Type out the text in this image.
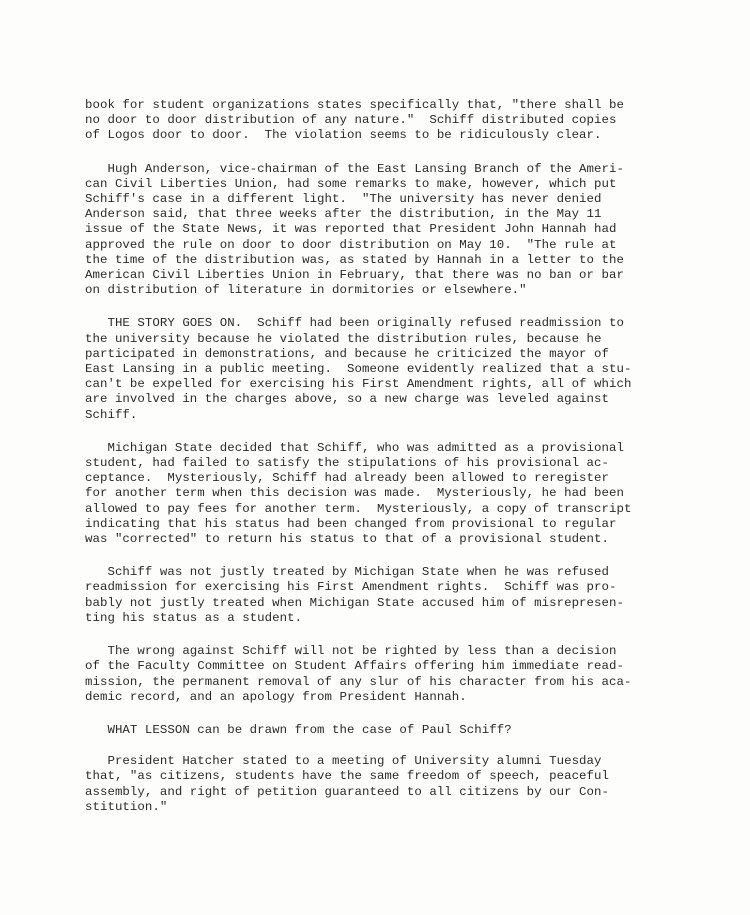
book for student organizations states specifically that, "there shall be
no door to door distribution of any nature."  Schiff distributed copies
of Logos door to door.  The violation seems to be ridiculously clear.
Hugh Anderson, vice-chairman of the East Lansing Branch of the Ameri-
can Civil Liberties Union, had some remarks to make, however, which put
Schiff's case in a different light.  "The university has never denied
Anderson said, that three weeks after the distribution, in the May 11
issue of the State News, it was reported that President John Hannah had
approved the rule on door to door distribution on May 10.  "The rule at
the time of the distribution was, as stated by Hannah in a letter to the
American Civil Liberties Union in February, that there was no ban or bar
on distribution of literature in dormitories or elsewhere."
THE STORY GOES ON.  Schiff had been originally refused readmission to
the university because he violated the distribution rules, because he
participated in demonstrations, and because he criticized the mayor of
East Lansing in a public meeting.  Someone evidently realized that a stu-
can't be expelled for exercising his First Amendment rights, all of which
are involved in the charges above, so a new charge was leveled against
Schiff.
Michigan State decided that Schiff, who was admitted as a provisional
student, had failed to satisfy the stipulations of his provisional ac-
ceptance.  Mysteriously, Schiff had already been allowed to reregister
for another term when this decision was made.  Mysteriously, he had been
allowed to pay fees for another term.  Mysteriously, a copy of transcript
indicating that his status had been changed from provisional to regular
was "corrected" to return his status to that of a provisional student.
Schiff was not justly treated by Michigan State when he was refused
readmission for exercising his First Amendment rights.  Schiff was pro-
bably not justly treated when Michigan State accused him of misrepresen-
ting his status as a student.
The wrong against Schiff will not be righted by less than a decision
of the Faculty Committee on Student Affairs offering him immediate read-
mission, the permanent removal of any slur of his character from his aca-
demic record, and an apology from President Hannah.
WHAT LESSON can be drawn from the case of Paul Schiff?
President Hatcher stated to a meeting of University alumni Tuesday
that, "as citizens, students have the same freedom of speech, peaceful
assembly, and right of petition guaranteed to all citizens by our Con-
stitution."
